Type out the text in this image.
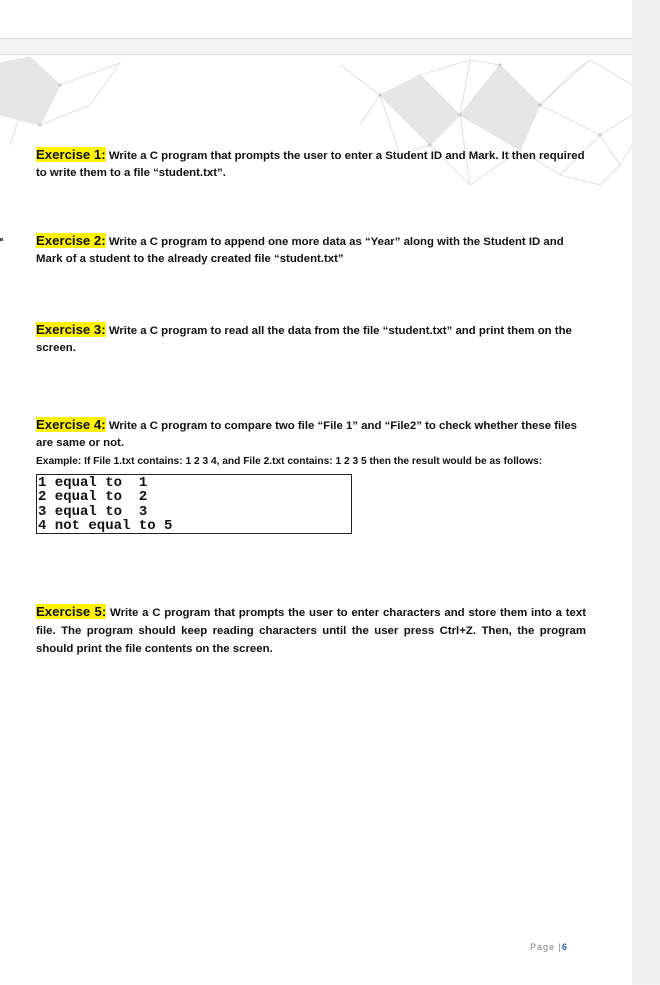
Exercise 1: Write a C program that prompts the user to enter a Student ID and Mark. It then required to write them to a file “student.txt”.
Exercise 2: Write a C program to append one more data as “Year” along with the Student ID and Mark of a student to the already created file “student.txt”
Exercise 3: Write a C program to read all the data from the file “student.txt” and print them on the screen.
Exercise 4: Write a C program to compare two file “File 1” and “File2” to check whether these files are same or not.
Example: If File 1.txt contains: 1 2 3 4, and File 2.txt contains: 1 2 3 5 then the result would be as follows:
1 equal to  1
2 equal to  2
3 equal to  3
4 not equal to 5
Exercise 5: Write a C program that prompts the user to enter characters and store them into a text file. The program should keep reading characters until the user press Ctrl+Z. Then, the program should print the file contents on the screen.
Page |6
